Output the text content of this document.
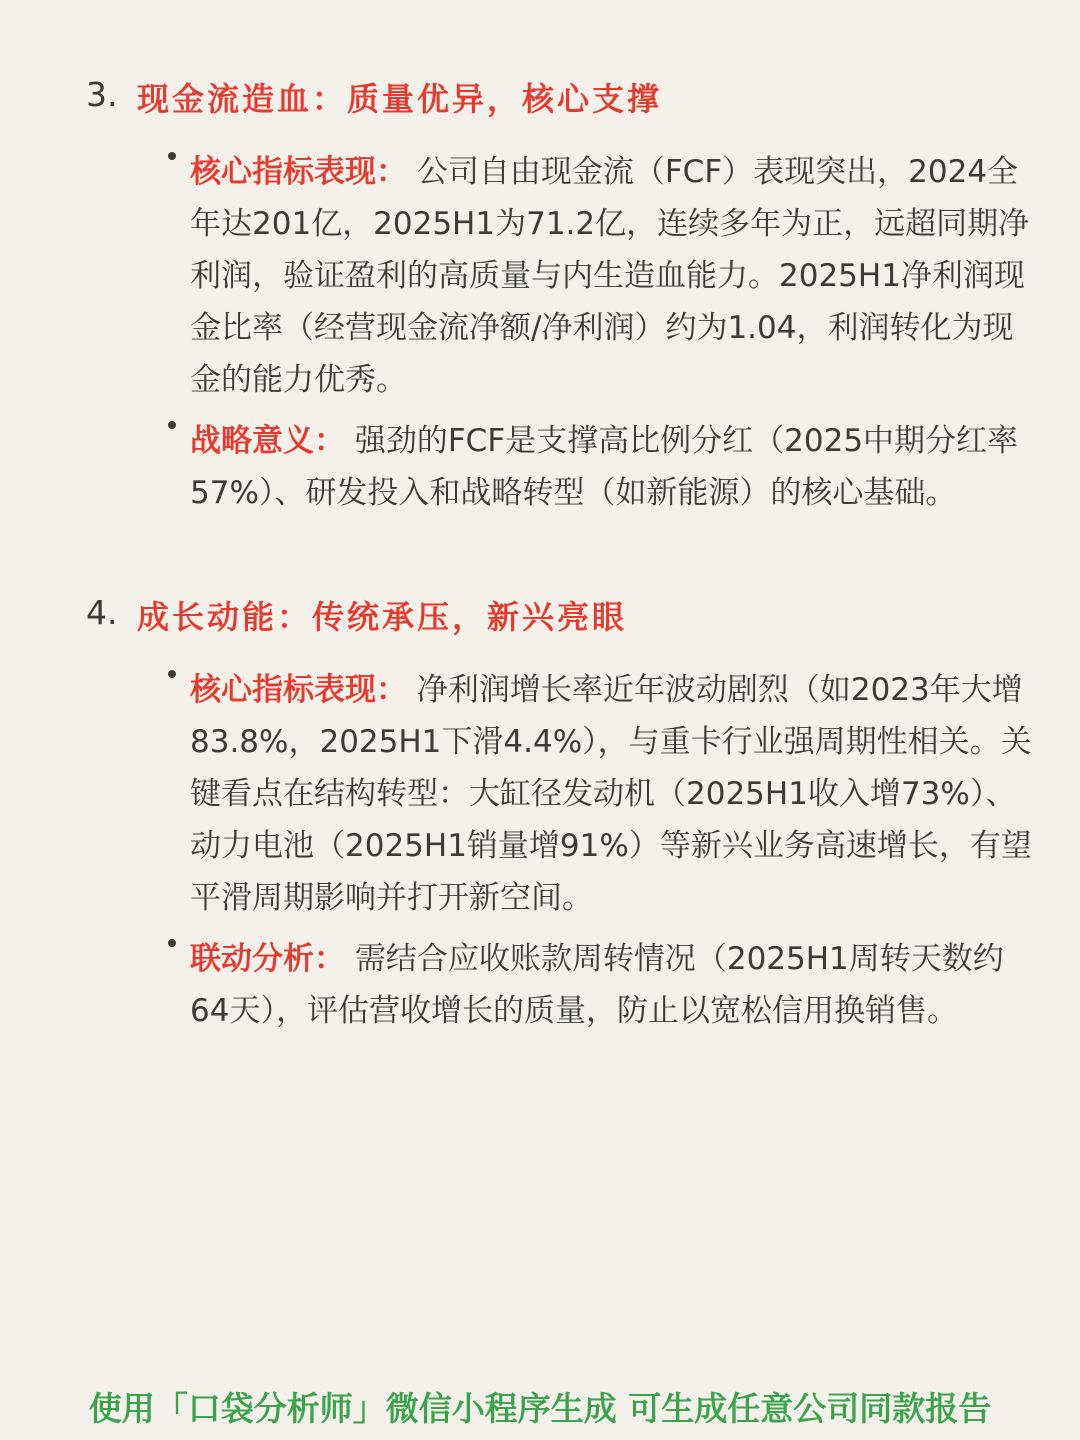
3. 现金流造血：质量优异，核心支撑
核心指标表现： 公司自由现金流（FCF）表现突出，2024全年达201亿，2025H1为71.2亿，连续多年为正，远超同期净利润，验证盈利的高质量与内生造血能力。2025H1净利润现金比率（经营现金流净额/净利润）约为1.04，利润转化为现金的能力优秀。
战略意义： 强劲的FCF是支撑高比例分红（2025中期分红率57%）、研发投入和战略转型（如新能源）的核心基础。
4. 成长动能：传统承压，新兴亮眼
核心指标表现： 净利润增长率近年波动剧烈（如2023年大增83.8%，2025H1下滑4.4%），与重卡行业强周期性相关。关键看点在结构转型：大缸径发动机（2025H1收入增73%）、动力电池（2025H1销量增91%）等新兴业务高速增长，有望平滑周期影响并打开新空间。
联动分析： 需结合应收账款周转情况（2025H1周转天数约64天），评估营收增长的质量，防止以宽松信用换销售。
使用「口袋分析师」微信小程序生成 可生成任意公司同款报告
